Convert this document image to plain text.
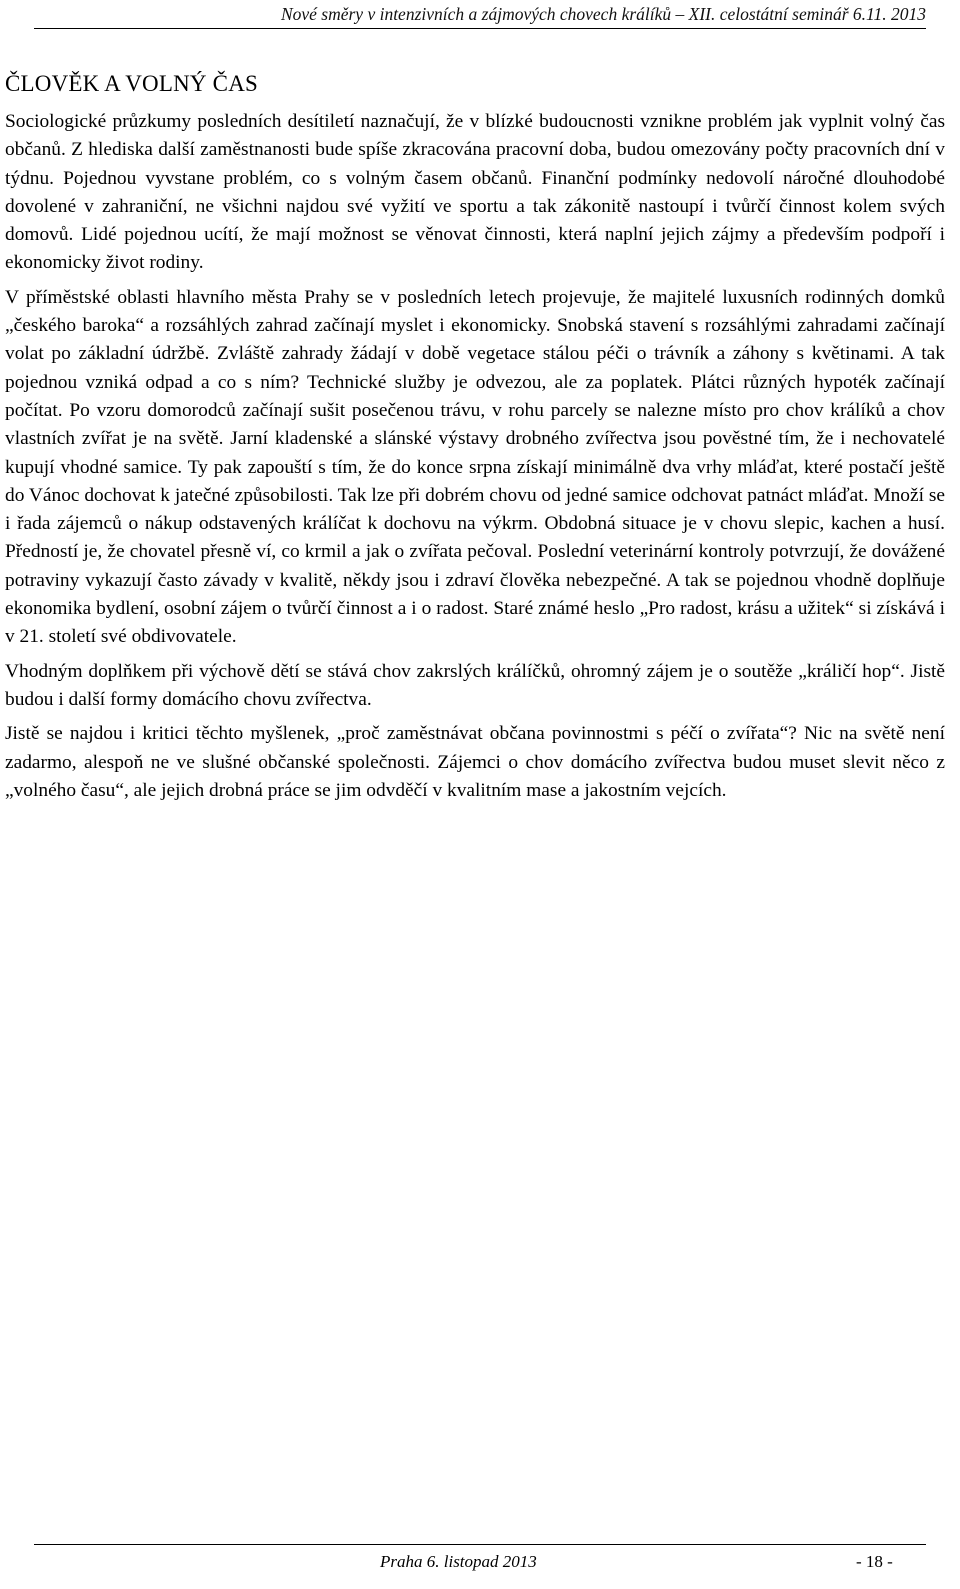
Nové směry v intenzivních a zájmových chovech králíků – XII. celostátní seminář 6.11. 2013
ČLOVĚK A VOLNÝ ČAS

Sociologické průzkumy posledních desítiletí naznačují, že v blízké budoucnosti vznikne problém jak vyplnit volný čas občanů. Z hlediska další zaměstnanosti bude spíše zkracována pracovní doba, budou omezovány počty pracovních dní v týdnu. Pojednou vyvstane problém, co s volným časem občanů. Finanční podmínky nedovolí náročné dlouhodobé dovolené v zahraniční, ne všichni najdou své vyžití ve sportu a tak zákonitě nastoupí i tvůrčí činnost kolem svých domovů. Lidé pojednou ucítí, že mají možnost se věnovat činnosti, která naplní jejich zájmy a především podpoří i ekonomicky život rodiny.

V příměstské oblasti hlavního města Prahy se v posledních letech projevuje, že majitelé luxusních rodinných domků „českého baroka“ a rozsáhlých zahrad začínají myslet i ekonomicky. Snobská stavení s rozsáhlými zahradami začínají volat po základní údržbě. Zvláště zahrady žádají v době vegetace stálou péči o trávník a záhony s květinami. A tak pojednou vzniká odpad a co s ním? Technické služby je odvezou, ale za poplatek. Plátci různých hypoték začínají počítat. Po vzoru domorodců začínají sušit posečenou trávu, v rohu parcely se nalezne místo pro chov králíků a chov vlastních zvířat je na světě. Jarní kladenské a slánské výstavy drobného zvířectva jsou pověstné tím, že i nechovatelé kupují vhodné samice. Ty pak zapouští s tím, že do konce srpna získají minimálně dva vrhy mláďat, které postačí ještě do Vánoc dochovat k jatečné způsobilosti. Tak lze při dobrém chovu od jedné samice odchovat patnáct mláďat. Množí se i řada zájemců o nákup odstavených králíčat k dochovu na výkrm. Obdobná situace je v chovu slepic, kachen a husí. Předností je, že chovatel přesně ví, co krmil a jak o zvířata pečoval. Poslední veterinární kontroly potvrzují, že dovážené potraviny vykazují často závady v kvalitě, někdy jsou i zdraví člověka nebezpečné. A tak se pojednou vhodně doplňuje ekonomika bydlení, osobní zájem o tvůrčí činnost a i o radost. Staré známé heslo „Pro radost, krásu a užitek“ si získává i v 21. století své obdivovatele.

Vhodným doplňkem při výchově dětí se stává chov zakrslých králíčků, ohromný zájem je o soutěže „králičí hop“. Jistě budou i další formy domácího chovu zvířectva.

Jistě se najdou i kritici těchto myšlenek, „proč zaměstnávat občana povinnostmi s péčí o zvířata“? Nic na světě není zadarmo, alespoň ne ve slušné občanské společnosti. Zájemci o chov domácího zvířectva budou muset slevit něco z „volného času“, ale jejich drobná práce se jim odvděčí v kvalitním mase a jakostním vejcích.

Praha 6. listopad 2013	- 18 -
